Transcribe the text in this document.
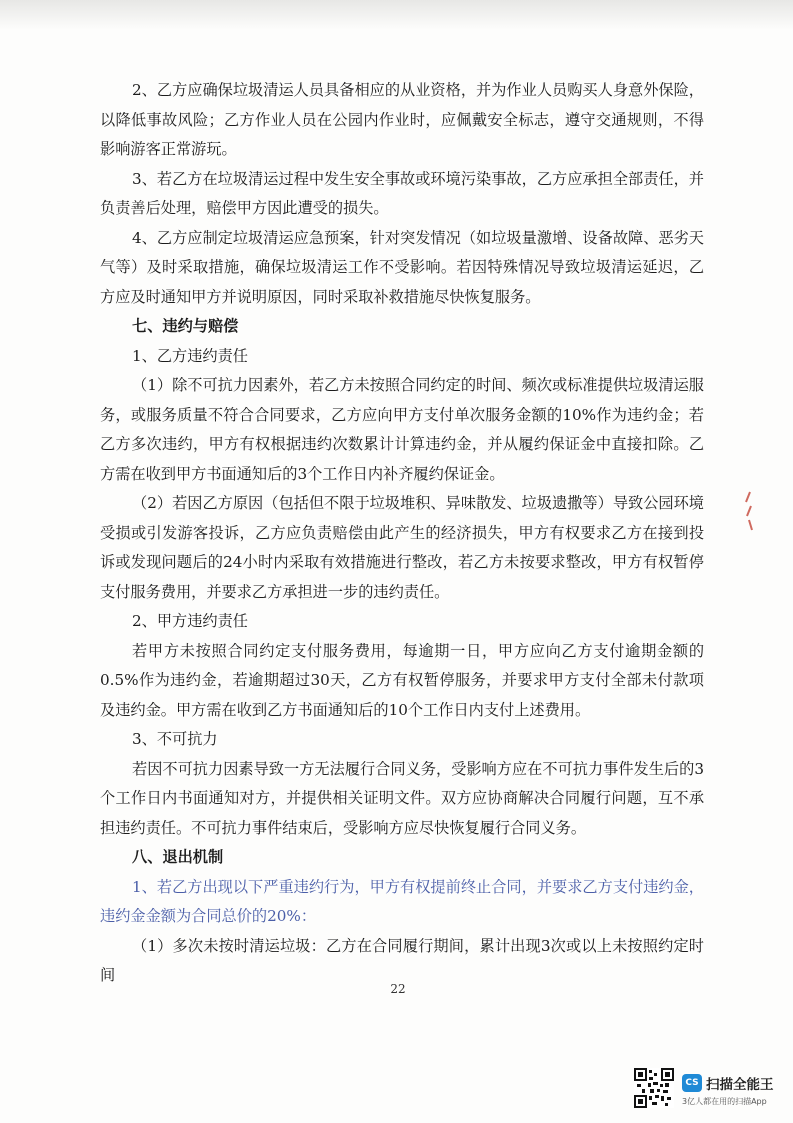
2、乙方应确保垃圾清运人员具备相应的从业资格，并为作业人员购买人身意外保险，以降低事故风险；乙方作业人员在公园内作业时，应佩戴安全标志，遵守交通规则，不得影响游客正常游玩。

3、若乙方在垃圾清运过程中发生安全事故或环境污染事故，乙方应承担全部责任，并负责善后处理，赔偿甲方因此遭受的损失。

4、乙方应制定垃圾清运应急预案，针对突发情况（如垃圾量激增、设备故障、恶劣天气等）及时采取措施，确保垃圾清运工作不受影响。若因特殊情况导致垃圾清运延迟，乙方应及时通知甲方并说明原因，同时采取补救措施尽快恢复服务。

七、违约与赔偿

1、乙方违约责任

（1）除不可抗力因素外，若乙方未按照合同约定的时间、频次或标准提供垃圾清运服务，或服务质量不符合合同要求，乙方应向甲方支付单次服务金额的10%作为违约金；若乙方多次违约，甲方有权根据违约次数累计计算违约金，并从履约保证金中直接扣除。乙方需在收到甲方书面通知后的3个工作日内补齐履约保证金。

（2）若因乙方原因（包括但不限于垃圾堆积、异味散发、垃圾遗撒等）导致公园环境受损或引发游客投诉，乙方应负责赔偿由此产生的经济损失，甲方有权要求乙方在接到投诉或发现问题后的24小时内采取有效措施进行整改，若乙方未按要求整改，甲方有权暂停支付服务费用，并要求乙方承担进一步的违约责任。

2、甲方违约责任

若甲方未按照合同约定支付服务费用，每逾期一日，甲方应向乙方支付逾期金额的0.5%作为违约金，若逾期超过30天，乙方有权暂停服务，并要求甲方支付全部未付款项及违约金。甲方需在收到乙方书面通知后的10个工作日内支付上述费用。

3、不可抗力

若因不可抗力因素导致一方无法履行合同义务，受影响方应在不可抗力事件发生后的3个工作日内书面通知对方，并提供相关证明文件。双方应协商解决合同履行问题，互不承担违约责任。不可抗力事件结束后，受影响方应尽快恢复履行合同义务。

八、退出机制

1、若乙方出现以下严重违约行为，甲方有权提前终止合同，并要求乙方支付违约金，违约金金额为合同总价的20%：

（1）多次未按时清运垃圾：乙方在合同履行期间，累计出现3次或以上未按照约定时间

22
CS 扫描全能王
3亿人都在用的扫描App
